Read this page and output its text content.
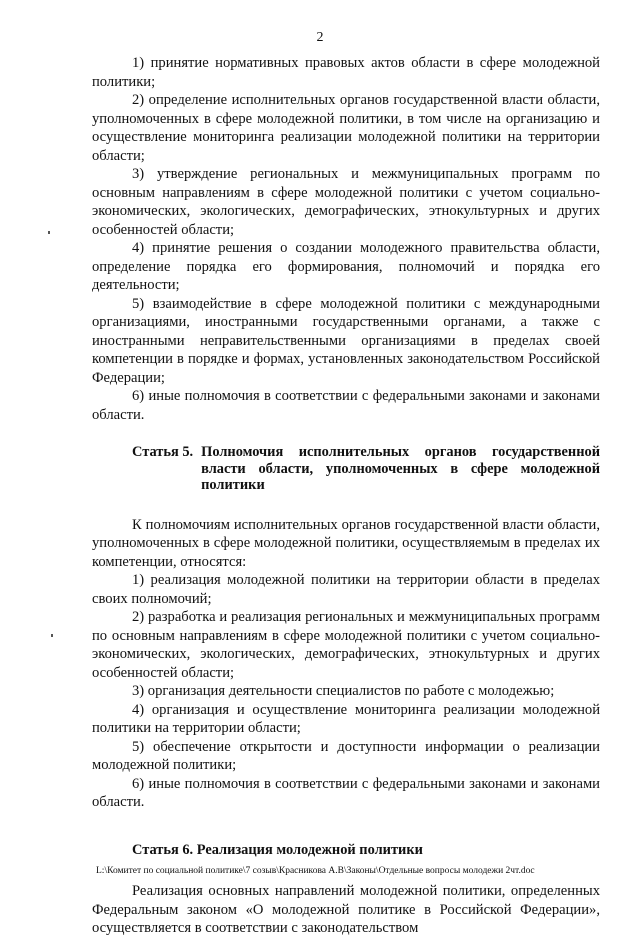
2

1) принятие нормативных правовых актов области в сфере молодежной политики;

2) определение исполнительных органов государственной власти области, уполномоченных в сфере молодежной политики, в том числе на организацию и осуществление мониторинга реализации молодежной политики на территории области;

3) утверждение региональных и межмуниципальных программ по основным направлениям в сфере молодежной политики с учетом социально-экономических, экологических, демографических, этнокультурных и других особенностей области;

4) принятие решения о создании молодежного правительства области, определение порядка его формирования, полномочий и порядка его деятельности;

5) взаимодействие в сфере молодежной политики с международными организациями, иностранными государственными органами, а также с иностранными неправительственными организациями в пределах своей компетенции в порядке и формах, установленных законодательством Российской Федерации;

6) иные полномочия в соответствии с федеральными законами и законами области.

Статья 5. Полномочия исполнительных органов государственной власти области, уполномоченных в сфере молодежной политики

К полномочиям исполнительных органов государственной власти области, уполномоченных в сфере молодежной политики, осуществляемым в пределах их компетенции, относятся:

1) реализация молодежной политики на территории области в пределах своих полномочий;

2) разработка и реализация региональных и межмуниципальных программ по основным направлениям в сфере молодежной политики с учетом социально-экономических, экологических, демографических, этнокультурных и других особенностей области;

3) организация деятельности специалистов по работе с молодежью;

4) организация и осуществление мониторинга реализации молодежной политики на территории области;

5) обеспечение открытости и доступности информации о реализации молодежной политики;

6) иные полномочия в соответствии с федеральными законами и законами области.

Статья 6. Реализация молодежной политики

Реализация основных направлений молодежной политики, определенных Федеральным законом «О молодежной политике в Российской Федерации», осуществляется в соответствии с законодательством

L:\Комитет по социальной политике\7 созыв\Красникова А.В\Законы\Отдельные вопросы молодежи 2чт.doc
